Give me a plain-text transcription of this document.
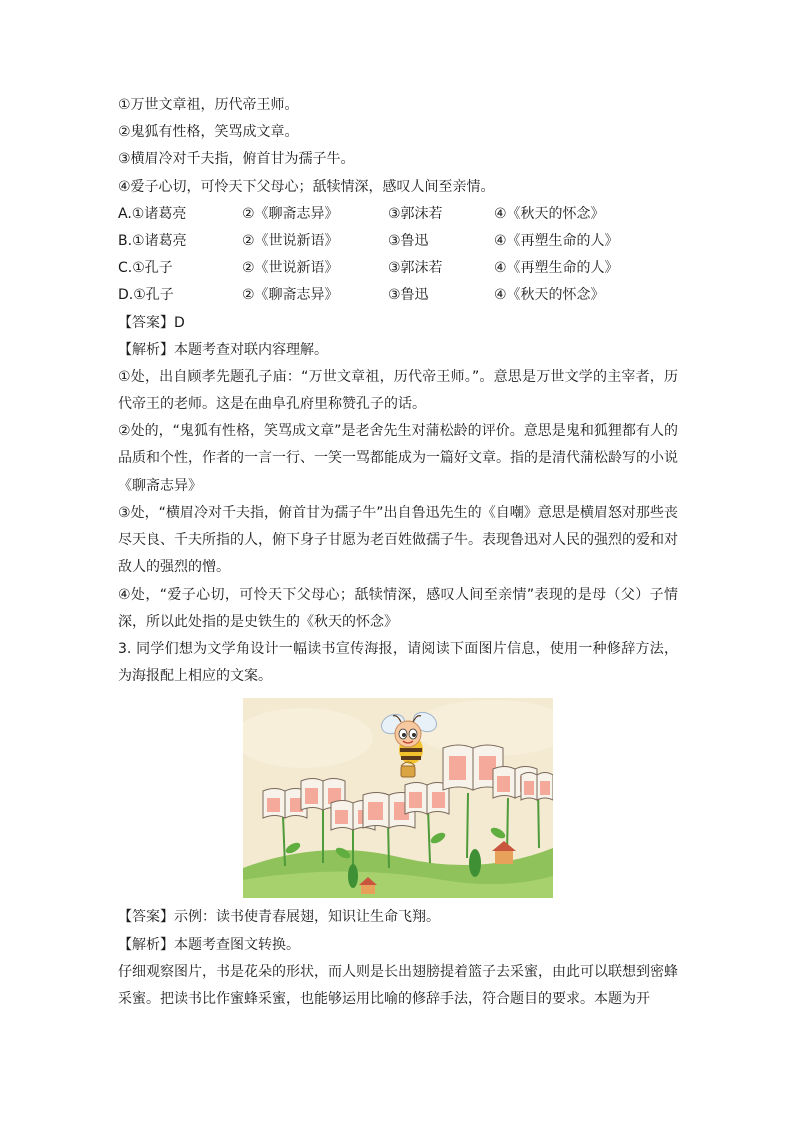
①万世文章祖，历代帝王师。
②鬼狐有性格，笑骂成文章。
③横眉冷对千夫指，俯首甘为孺子牛。
④爱子心切，可怜天下父母心；舐犊情深，感叹人间至亲情。
A.①诸葛亮	②《聊斋志异》	③郭沫若	④《秋天的怀念》
B.①诸葛亮	②《世说新语》	③鲁迅	④《再塑生命的人》
C.①孔子	②《世说新语》	③郭沫若	④《再塑生命的人》
D.①孔子	②《聊斋志异》	③鲁迅	④《秋天的怀念》
【答案】D
【解析】本题考查对联内容理解。
①处，出自顾孝先题孔子庙：“万世文章祖，历代帝王师。”。意思是万世文学的主宰者，历代帝王的老师。这是在曲阜孔府里称赞孔子的话。
②处的，“鬼狐有性格，笑骂成文章”是老舍先生对蒲松龄的评价。意思是鬼和狐狸都有人的品质和个性，作者的一言一行、一笑一骂都能成为一篇好文章。指的是清代蒲松龄写的小说《聊斋志异》
③处，“横眉冷对千夫指，俯首甘为孺子牛”出自鲁迅先生的《自嘲》意思是横眉怒对那些丧尽天良、千夫所指的人，俯下身子甘愿为老百姓做孺子牛。表现鲁迅对人民的强烈的爱和对敌人的强烈的憎。
④处，“爱子心切，可怜天下父母心；舐犊情深，感叹人间至亲情”表现的是母（父）子情深，所以此处指的是史铁生的《秋天的怀念》
3. 同学们想为文学角设计一幅读书宣传海报，请阅读下面图片信息，使用一种修辞方法，为海报配上相应的文案。
【答案】示例：读书使青春展翅，知识让生命飞翔。
【解析】本题考查图文转换。
仔细观察图片，书是花朵的形状，而人则是长出翅膀提着篮子去采蜜，由此可以联想到密蜂采蜜。把读书比作蜜蜂采蜜，也能够运用比喻的修辞手法，符合题目的要求。本题为开
